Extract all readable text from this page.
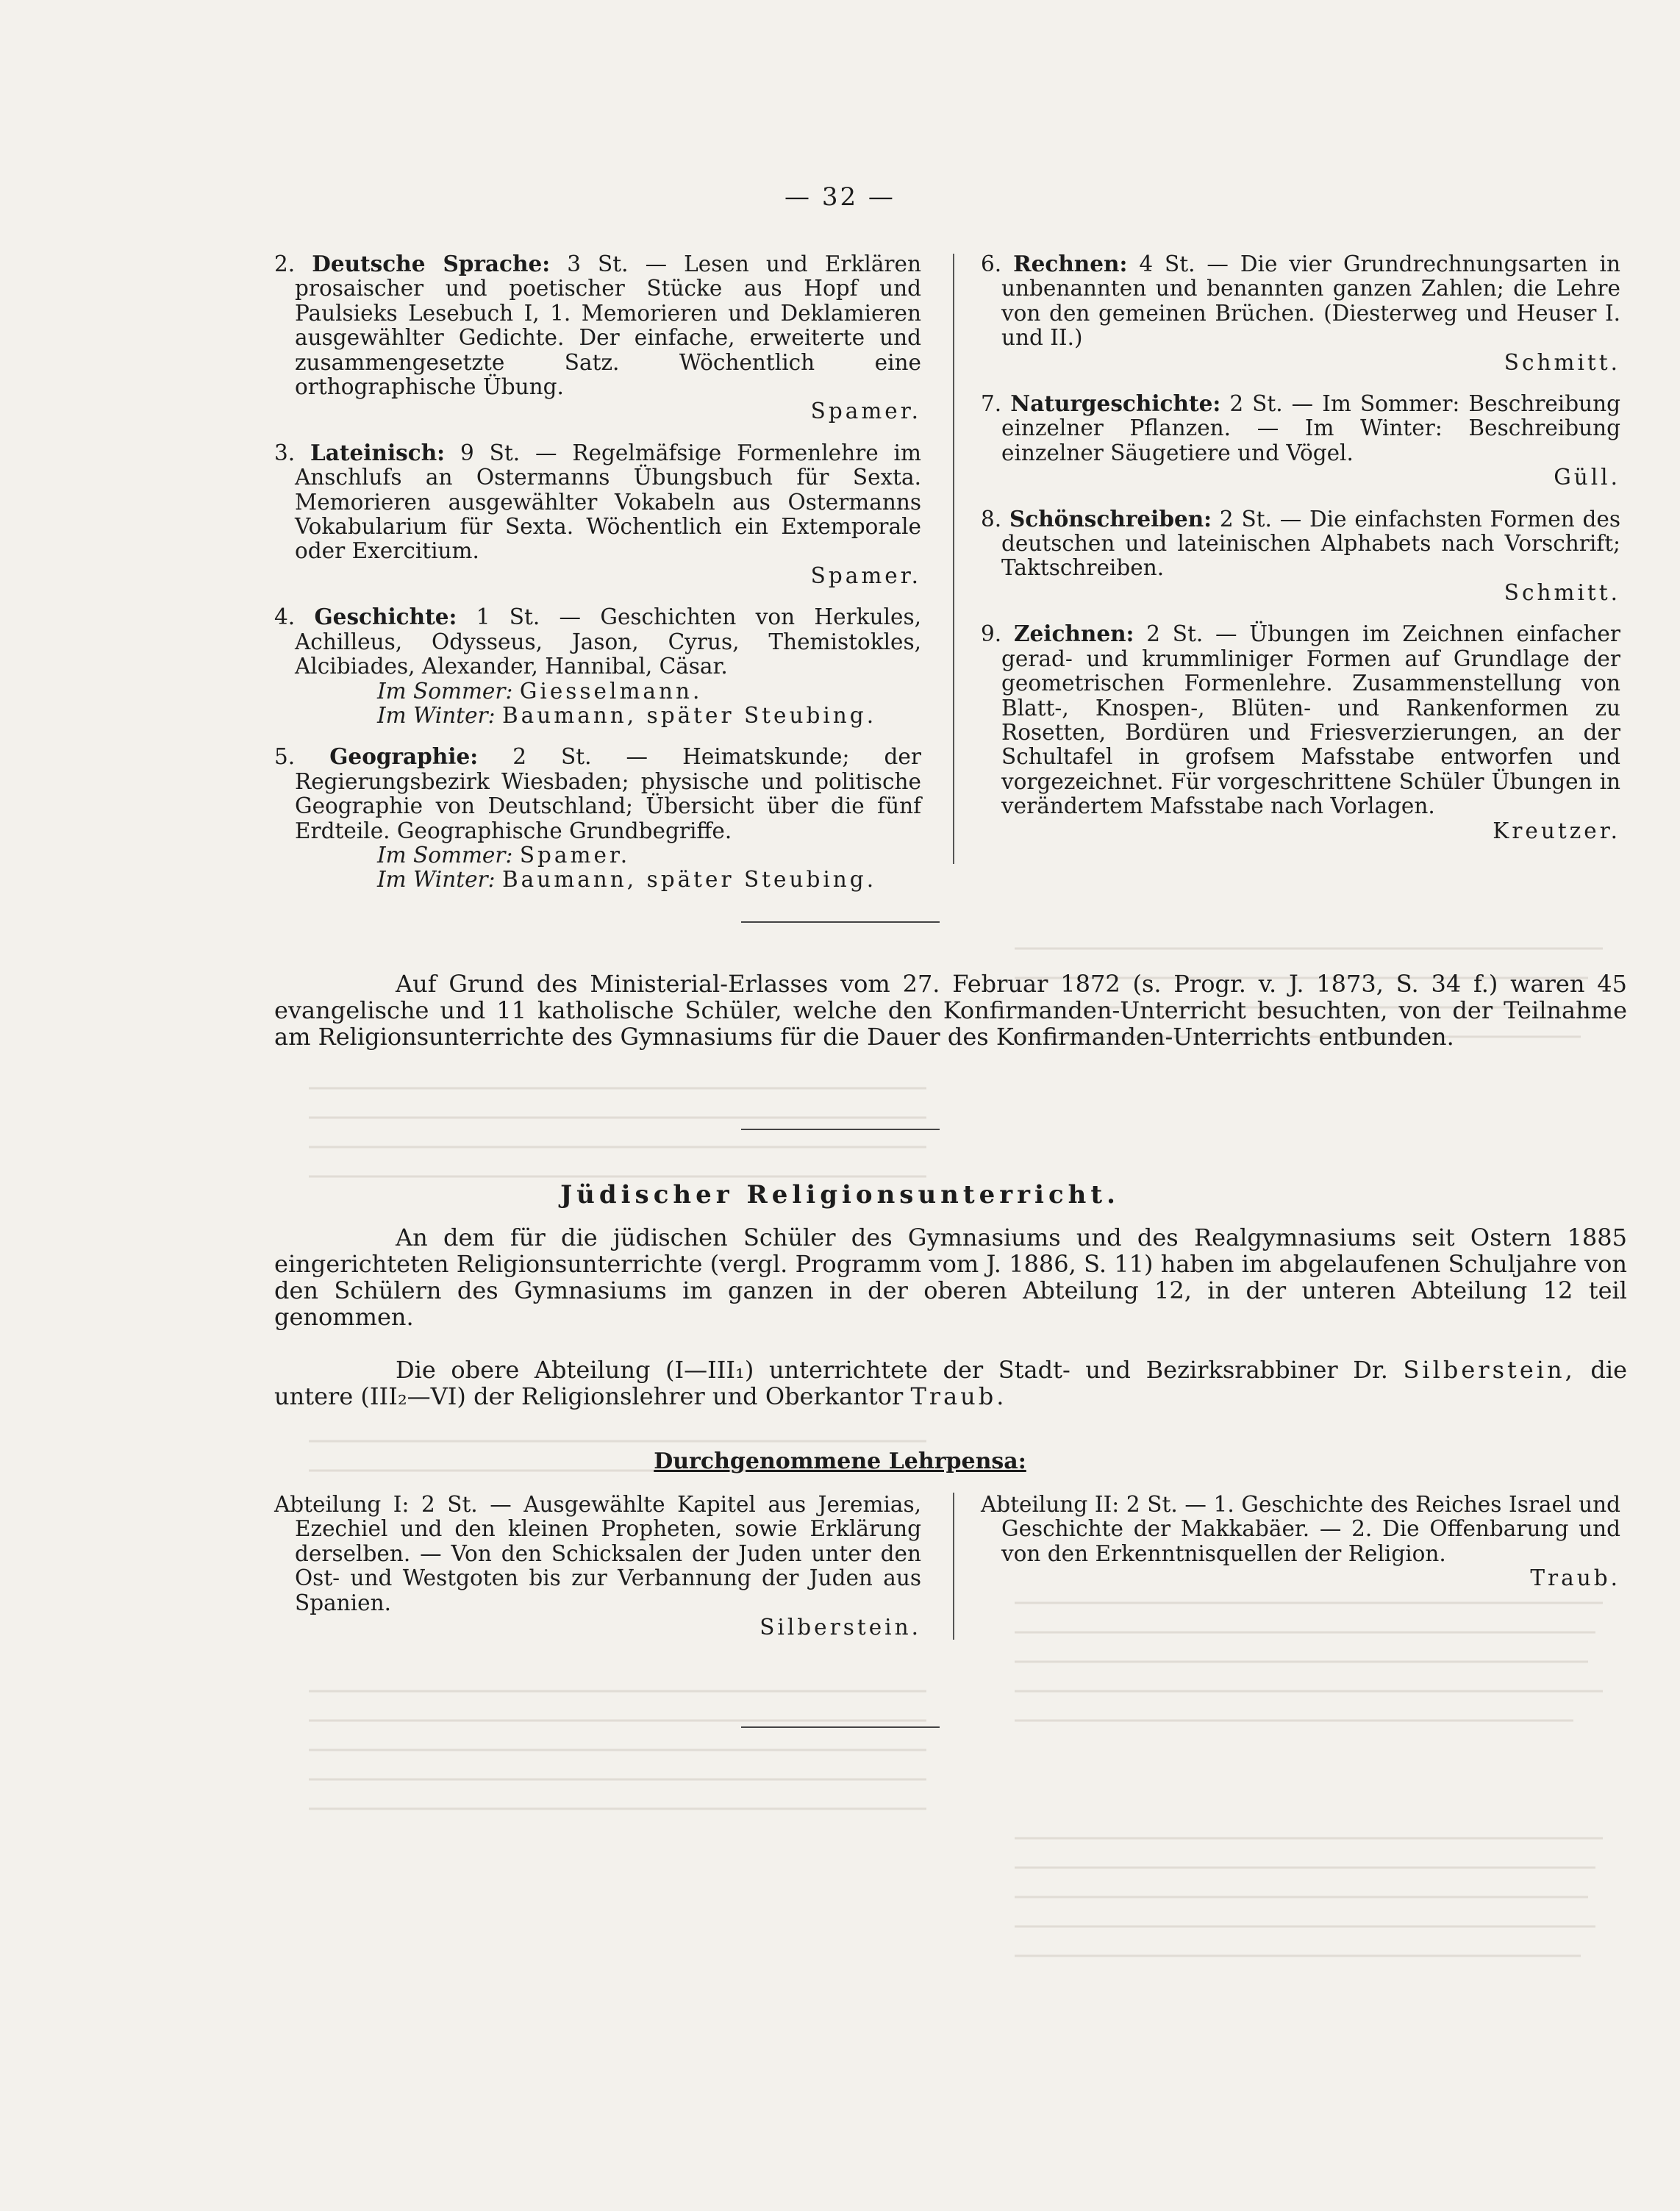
— 32 —
2. Deutsche Sprache: 3 St. — Lesen und Erklären prosaischer und poetischer Stücke aus Hopf und Paulsieks Lesebuch I, 1. Memorieren und Deklamieren ausgewählter Gedichte. Der einfache, erweiterte und zusammengesetzte Satz. Wöchentlich eine orthographische Übung.
Spamer.
3. Lateinisch: 9 St. — Regelmäfsige Formenlehre im Anschlufs an Ostermanns Übungsbuch für Sexta. Memorieren ausgewählter Vokabeln aus Ostermanns Vokabularium für Sexta. Wöchentlich ein Extemporale oder Exercitium.
Spamer.
4. Geschichte: 1 St. — Geschichten von Herkules, Achilleus, Odysseus, Jason, Cyrus, Themistokles, Alcibiades, Alexander, Hannibal, Cäsar.
Im Sommer: Giesselmann.
Im Winter: Baumann, später Steubing.
5. Geographie: 2 St. — Heimatskunde; der Regierungsbezirk Wiesbaden; physische und politische Geographie von Deutschland; Übersicht über die fünf Erdteile. Geographische Grundbegriffe.
Im Sommer: Spamer.
Im Winter: Baumann, später Steubing.
6. Rechnen: 4 St. — Die vier Grundrechnungsarten in unbenannten und benannten ganzen Zahlen; die Lehre von den gemeinen Brüchen. (Diesterweg und Heuser I. und II.)
Schmitt.
7. Naturgeschichte: 2 St. — Im Sommer: Beschreibung einzelner Pflanzen. — Im Winter: Beschreibung einzelner Säugetiere und Vögel.
Güll.
8. Schönschreiben: 2 St. — Die einfachsten Formen des deutschen und lateinischen Alphabets nach Vorschrift; Taktschreiben.
Schmitt.
9. Zeichnen: 2 St. — Übungen im Zeichnen einfacher gerad- und krummliniger Formen auf Grundlage der geometrischen Formenlehre. Zusammenstellung von Blatt-, Knospen-, Blüten- und Rankenformen zu Rosetten, Bordüren und Friesverzierungen, an der Schultafel in grofsem Mafsstabe entworfen und vorgezeichnet. Für vorgeschrittene Schüler Übungen in verändertem Mafsstabe nach Vorlagen.
Kreutzer.
Auf Grund des Ministerial-Erlasses vom 27. Februar 1872 (s. Progr. v. J. 1873, S. 34 f.) waren 45 evangelische und 11 katholische Schüler, welche den Konfirmanden-Unterricht besuchten, von der Teilnahme am Religionsunterrichte des Gymnasiums für die Dauer des Konfirmanden-Unterrichts entbunden.
Jüdischer Religionsunterricht.
An dem für die jüdischen Schüler des Gymnasiums und des Realgymnasiums seit Ostern 1885 eingerichteten Religionsunterrichte (vergl. Programm vom J. 1886, S. 11) haben im abgelaufenen Schuljahre von den Schülern des Gymnasiums im ganzen in der oberen Abteilung 12, in der unteren Abteilung 12 teil genommen.
Die obere Abteilung (I—III₁) unterrichtete der Stadt- und Bezirksrabbiner Dr. Silberstein, die untere (III₂—VI) der Religionslehrer und Oberkantor Traub.
Durchgenommene Lehrpensa:
Abteilung I: 2 St. — Ausgewählte Kapitel aus Jeremias, Ezechiel und den kleinen Propheten, sowie Erklärung derselben. — Von den Schicksalen der Juden unter den Ost- und Westgoten bis zur Verbannung der Juden aus Spanien.
Silberstein.
Abteilung II: 2 St. — 1. Geschichte des Reiches Israel und Geschichte der Makkabäer. — 2. Die Offenbarung und von den Erkenntnisquellen der Religion.
Traub.
